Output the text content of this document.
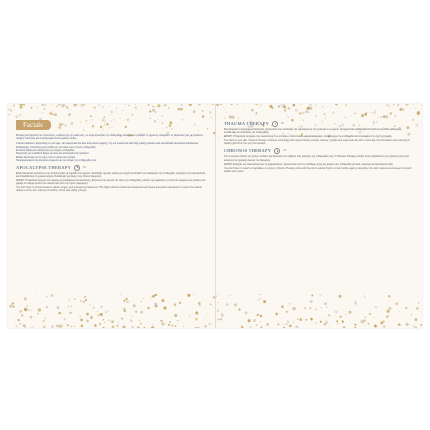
Facials

Μπορεί μια θεραπεία του προσώπου, ανάλογα με την ηλικία σας, να αναζωογονήσει την επιδερμίδα, αλλά και να προλάβει τη γήρανση. Δοκιμάστε τις θεραπείες μας με προϊόντα υψηλής ποιότητας και επιστημονικά ανεπτυγμένες ουσίες.

A facial treatment, depending on your age, can rejuvenate the skin and prevent ageing. Try our treatments with high quality products and scientifically developed substances.

Καθαρισμός, απολέπιση και ενυδάτωση για όλους τους τύπους επιδερμίδας
Εντατική θρέψη και αναγέννηση για ώριμες επιδερμίδες
Θεραπείες για ευαίσθητο δέρμα με ήπια και καταπραϋντικά προϊόντα
Ειδικές θεραπείες για το γύρω από τα μάτια και το λαιμό
Προσαρμοσμένα πρωτόκολλα σύμφωνα με τις ανάγκες της επιδερμίδας σας
APOCALYPSE THERAPY	60΄

Ειδική θεραπεία προσώπου που αντιμετωπίζει τα σημάδια του χρόνου. Συνδυάζει τεχνικές μασάζ με ενεργά συστατικά που αναδομούν την επιδερμίδα, ενισχύουν την ελαστικότητα και αποκαθιστούν τη φυσική λάμψη. Κατάλληλη για όλους τους τύπους δέρματος.

ΔΡΑΣΗ: Η θεραπεία ενισχύει την παραγωγή κολλαγόνου και ελαστίνης, βελτιώνει την υφή και τον τόνο της επιδερμίδας, μειώνει την εμφάνιση των λεπτών γραμμών και ρυτίδων και χαρίζει στο δέρμα ορατά πιο νεανική όψη από την πρώτη εφαρμογή.

You don't have to choose between plastic surgery and anti-ageing treatments. This highly effective facial uses advanced techniques and active ingredients to restore the natural radiance of the skin, leaving it smoother, firmer and visibly younger.

THAUMA THERAPY	60΄

Ένα θαυμαστό πρόγραμμα θεραπείας προσώπου που συνδυάζει την τεχνολογία με την εμπειρία των χεριών. Χρησιμοποιεί εξειδικευμένα προϊόντα για βαθύ καθαρισμό, ενυδάτωση και ανάπλαση της επιδερμίδας.

ΔΡΑΣΗ: Η θεραπεία στοχεύει στην αναγέννηση των κυττάρων, βελτιώνει τη μικροκυκλοφορία, αποτοξινώνει την επιδερμίδα και επαναφέρει την υγιή της λάμψη.

The client is your skin. Thauma Therapy combines technology with expert hands to deeply cleanse, hydrate and regenerate the skin, improving microcirculation and restoring its healthy glow from the very first session.

CHRONOS THERAPY	60΄

Για να αντιμετωπίσετε τον χρόνο, επιλέξτε μια θεραπεία που σέβεται τους ρυθμούς της επιδερμίδας σας. Η Chronos Therapy εστιάζει στην επιβράδυνση της γήρανσης και στην ενίσχυση της φυσικής άμυνας του δέρματος.

ΔΡΑΣΗ: Ενισχύει την ελαστικότητα και τη σφριγηλότητα, προστατεύει από τις ελεύθερες ρίζες και χαρίζει στην επιδερμίδα μια λεία, λαμπερή και ξεκούραστη όψη.

You don't have to resort to injectables or surgery. Chronos Therapy works with the skin's natural rhythm to slow visible ageing, strengthen the skin's defences and leave it smooth, radiant and rested.
